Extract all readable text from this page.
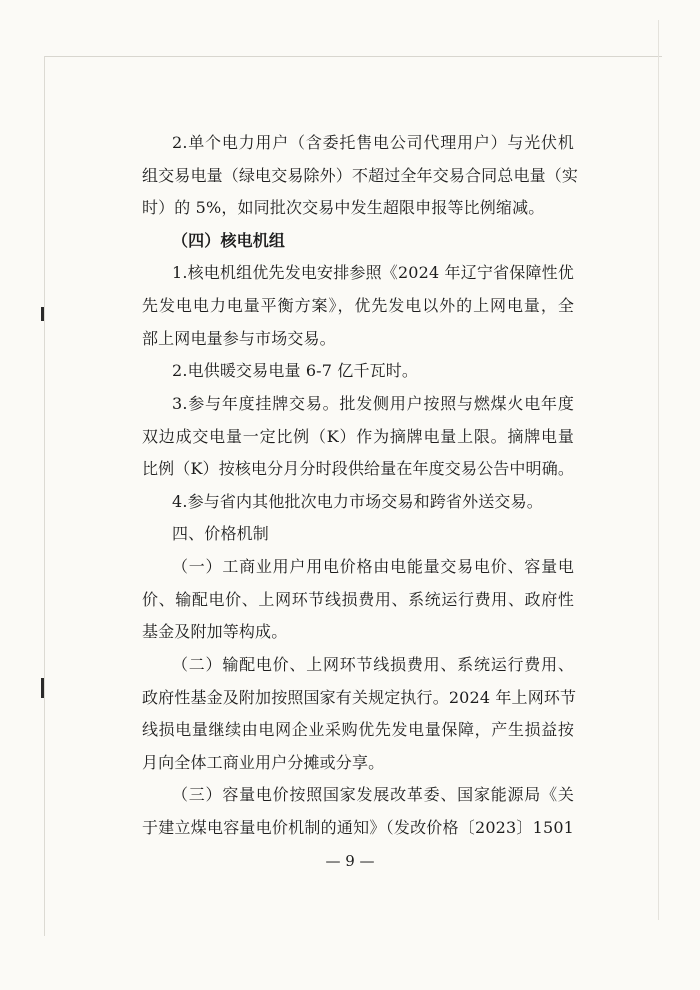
2.单个电力用户（含委托售电公司代理用户）与光伏机
组交易电量（绿电交易除外）不超过全年交易合同总电量（实
时）的 5%，如同批次交易中发生超限申报等比例缩减。
（四）核电机组
1.核电机组优先发电安排参照《2024 年辽宁省保障性优
先发电电力电量平衡方案》，优先发电以外的上网电量，全
部上网电量参与市场交易。
2.电供暖交易电量 6-7 亿千瓦时。
3.参与年度挂牌交易。批发侧用户按照与燃煤火电年度
双边成交电量一定比例（K）作为摘牌电量上限。摘牌电量
比例（K）按核电分月分时段供给量在年度交易公告中明确。
4.参与省内其他批次电力市场交易和跨省外送交易。
四、价格机制
（一）工商业用户用电价格由电能量交易电价、容量电
价、输配电价、上网环节线损费用、系统运行费用、政府性
基金及附加等构成。
（二）输配电价、上网环节线损费用、系统运行费用、
政府性基金及附加按照国家有关规定执行。2024 年上网环节
线损电量继续由电网企业采购优先发电量保障，产生损益按
月向全体工商业用户分摊或分享。
（三）容量电价按照国家发展改革委、国家能源局《关
于建立煤电容量电价机制的通知》（发改价格〔2023〕1501
— 9 —
